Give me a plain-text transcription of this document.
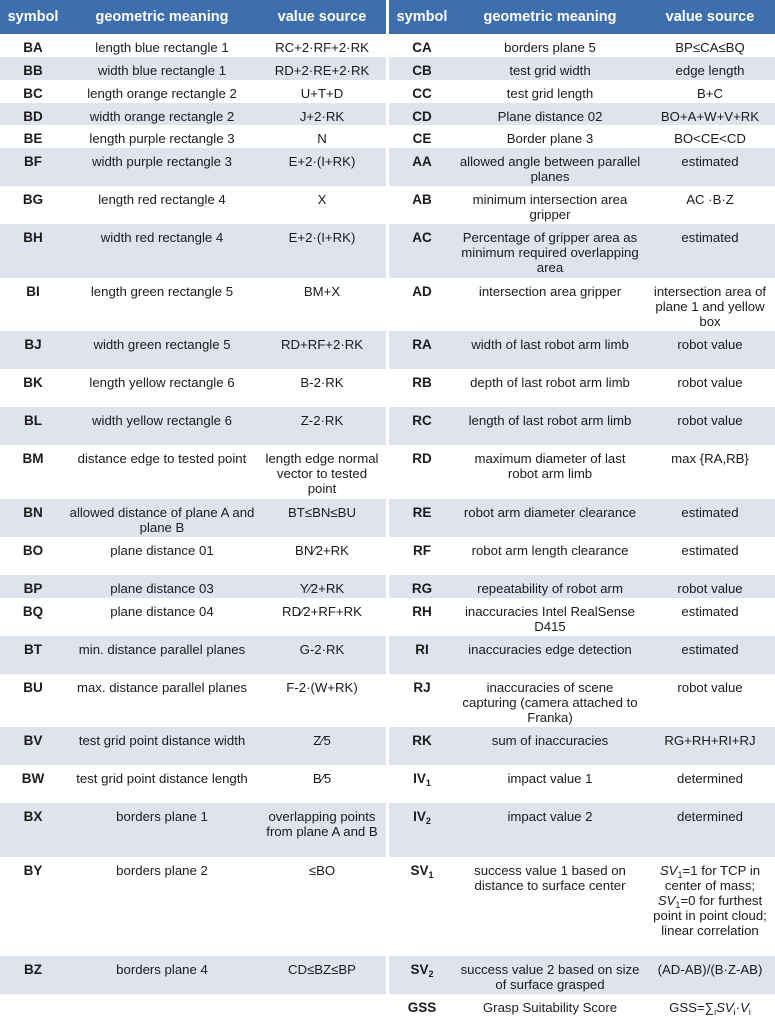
symbol	geometric meaning	value source
BA	length blue rectangle 1	RC+2·RF+2·RK
BB	width blue rectangle 1	RD+2·RE+2·RK
BC	length orange rectangle 2	U+T+D
BD	width orange rectangle 2	J+2·RK
BE	length purple rectangle 3	N
BF	width purple rectangle 3	E+2·(I+RK)
BG	length red rectangle 4	X
BH	width red rectangle 4	E+2·(I+RK)
BI	length green rectangle 5	BM+X
BJ	width green rectangle 5	RD+RF+2·RK
BK	length yellow rectangle 6	B-2·RK
BL	width yellow rectangle 6	Z-2·RK
BM	distance edge to tested point	length edge normal vector to tested point
BN	allowed distance of plane A and plane B	BT≤BN≤BU
BO	plane distance 01	BN⁄2+RK
BP	plane distance 03	Y⁄2+RK
BQ	plane distance 04	RD⁄2+RF+RK
BT	min. distance parallel planes	G-2·RK
BU	max. distance parallel planes	F-2·(W+RK)
BV	test grid point distance width	Z⁄5
BW	test grid point distance length	B⁄5
BX	borders plane 1	overlapping points from plane A and B
BY	borders plane 2	≤BO
BZ	borders plane 4	CD≤BZ≤BP

symbol	geometric meaning	value source
CA	borders plane 5	BP≤CA≤BQ
CB	test grid width	edge length
CC	test grid length	B+C
CD	Plane distance 02	BO+A+W+V+RK
CE	Border plane 3	BO<CE<CD
AA	allowed angle between parallel planes	estimated
AB	minimum intersection area gripper	AC ·B·Z
AC	Percentage of gripper area as minimum required overlapping area	estimated
AD	intersection area gripper	intersection area of plane 1 and yellow box
RA	width of last robot arm limb	robot value
RB	depth of last robot arm limb	robot value
RC	length of last robot arm limb	robot value
RD	maximum diameter of last robot arm limb	max {RA,RB}
RE	robot arm diameter clearance	estimated
RF	robot arm length clearance	estimated
RG	repeatability of robot arm	robot value
RH	inaccuracies Intel RealSense D415	estimated
RI	inaccuracies edge detection	estimated
RJ	inaccuracies of scene capturing (camera attached to Franka)	robot value
RK	sum of inaccuracies	RG+RH+RI+RJ
$IV_1$	impact value 1	determined
$IV_2$	impact value 2	determined
$SV_1$	success value 1 based on distance to surface center	$SV_1=1$ for TCP in center of mass; $SV_1=0$ for furthest point in point cloud; linear correlation
$SV_2$	success value 2 based on size of surface grasped	(AD-AB)/(B·Z-AB)
GSS	Grasp Suitability Score	$GSS=\sum_iSV_i\cdot V_i$
